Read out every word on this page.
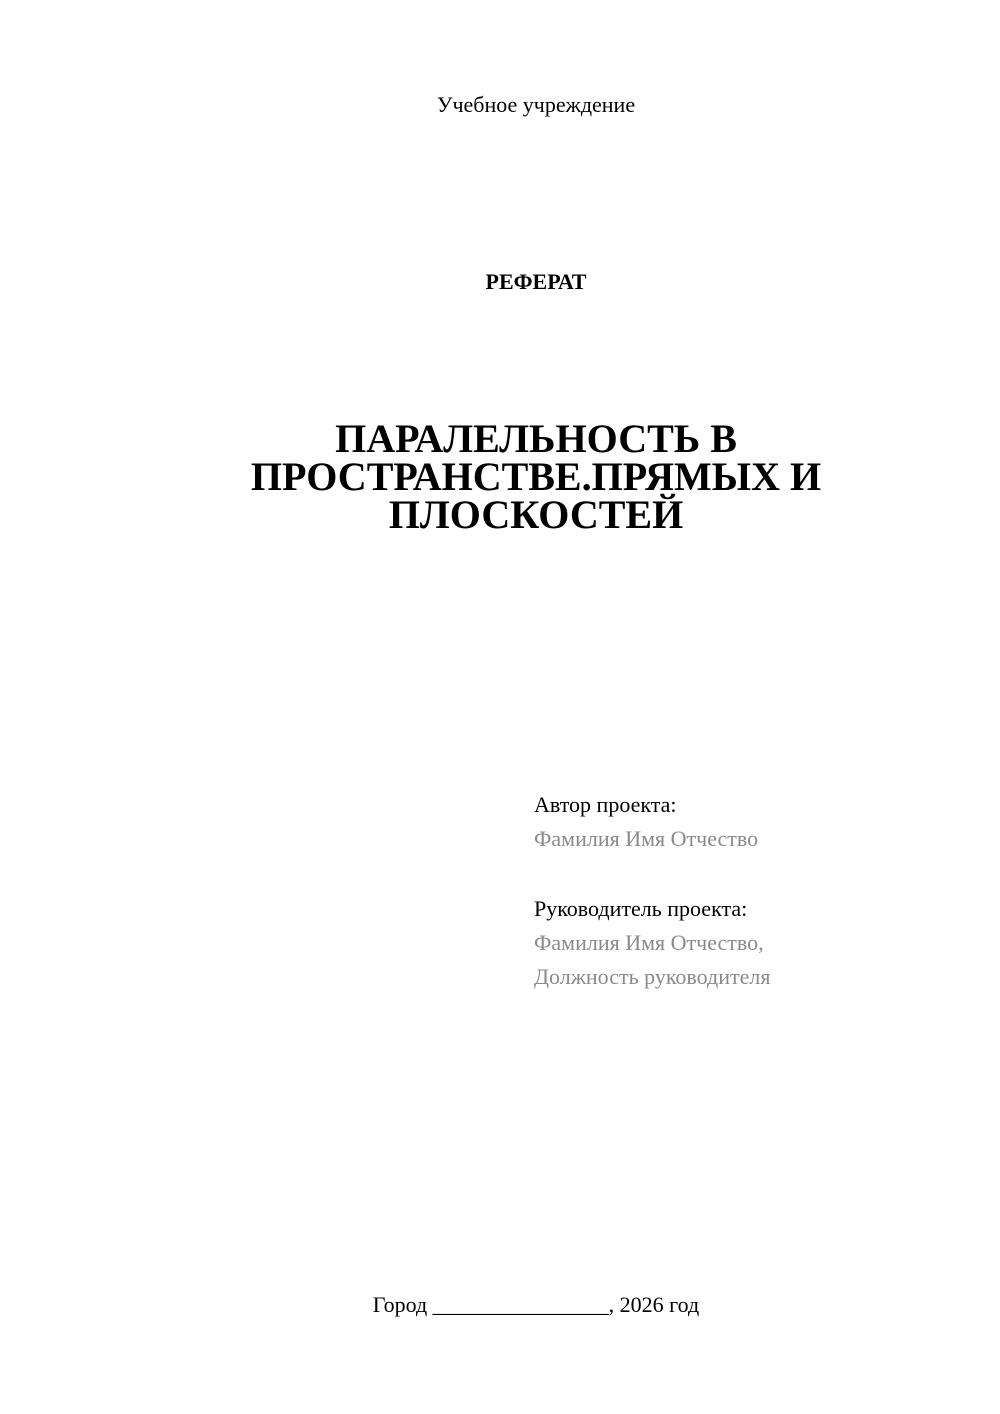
Учебное учреждение
РЕФЕРАТ
ПАРАЛЕЛЬНОСТЬ В
ПРОСТРАНСТВЕ.ПРЯМЫХ И
ПЛОСКОСТЕЙ
Автор проекта:
Фамилия Имя Отчество
Руководитель проекта:
Фамилия Имя Отчество,
Должность руководителя
Город ________________, 2026 год
